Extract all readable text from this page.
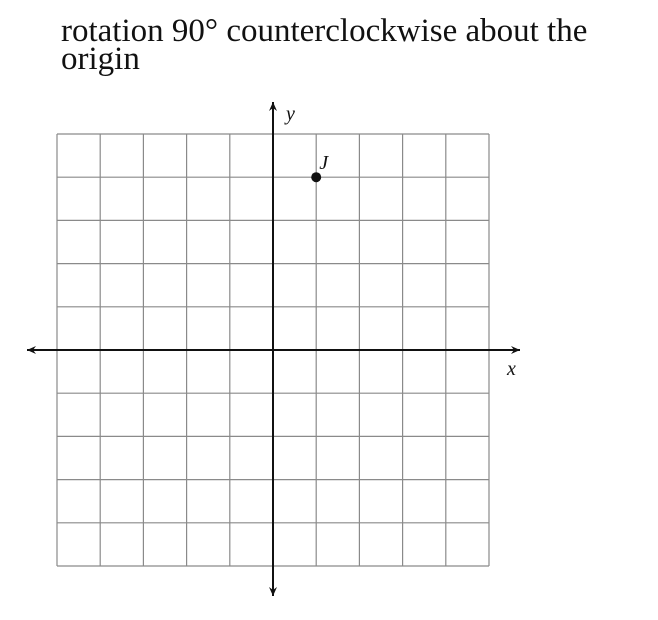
rotation 90° counterclockwise about the origin
x
y
J
